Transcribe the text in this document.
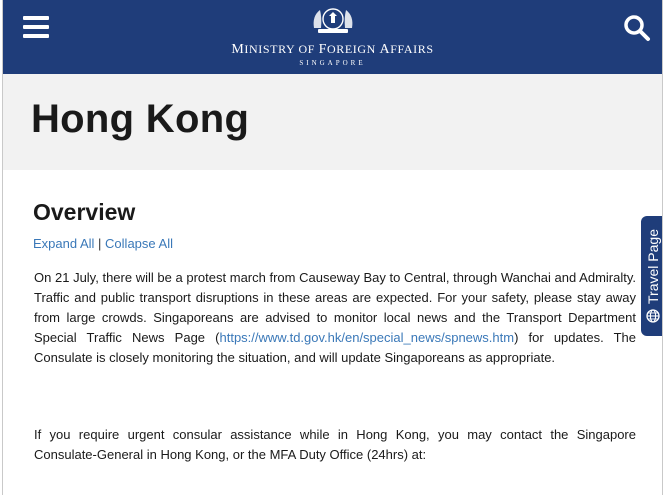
MINISTRY OF FOREIGN AFFAIRS
SINGAPORE
Hong Kong
Overview
Expand All | Collapse All

On 21 July, there will be a protest march from Causeway Bay to Central, through Wanchai and Admiralty. Traffic and public transport disruptions in these areas are expected. For your safety, please stay away from large crowds. Singaporeans are advised to monitor local news and the Transport Department Special Traffic News Page (https://www.td.gov.hk/en/special_news/spnews.htm) for updates. The Consulate is closely monitoring the situation, and will update Singaporeans as appropriate.

If you require urgent consular assistance while in Hong Kong, you may contact the Singapore Consulate-General in Hong Kong, or the MFA Duty Office (24hrs) at:

Travel Page
